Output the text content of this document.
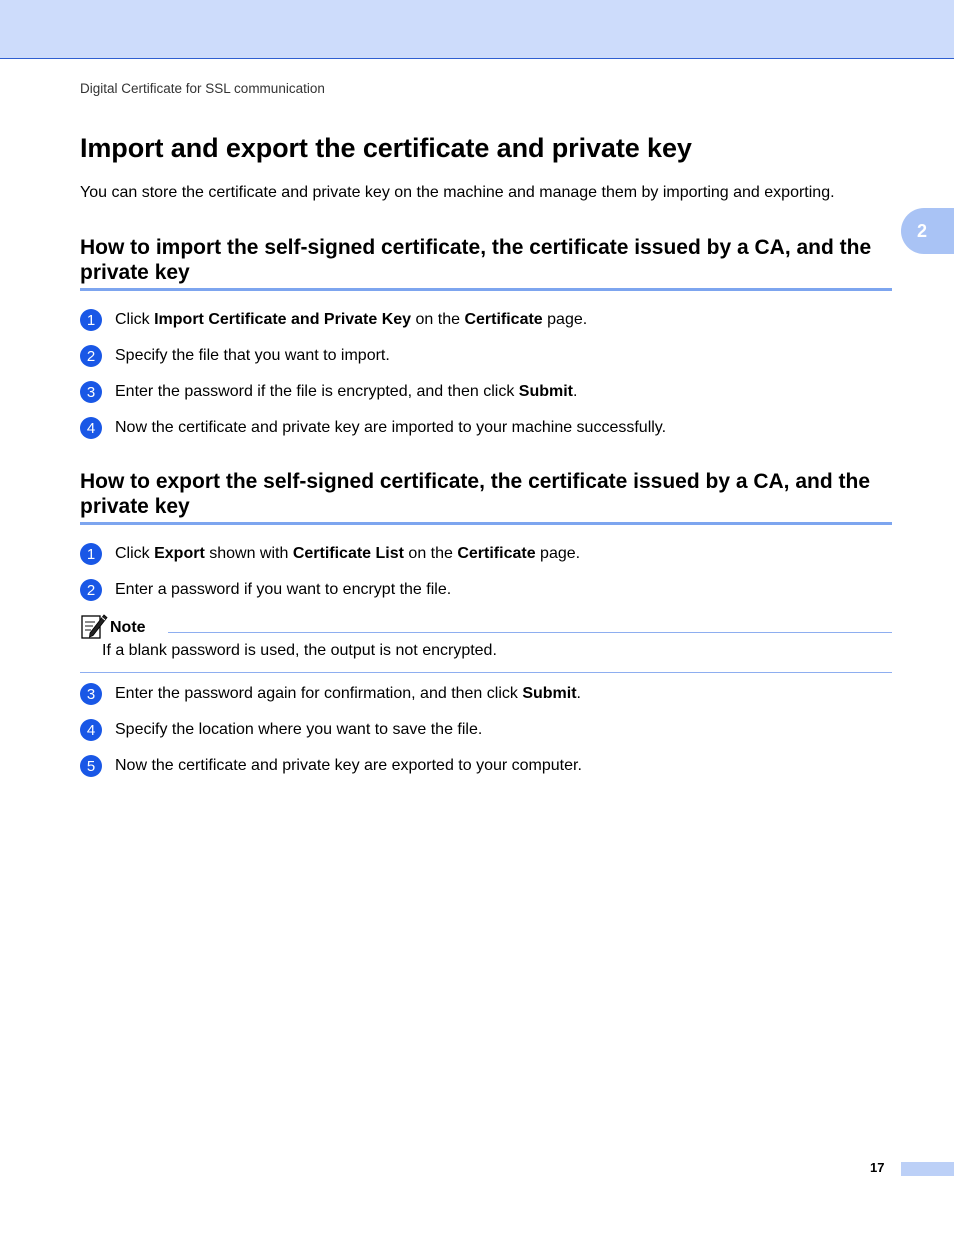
Digital Certificate for SSL communication
Import and export the certificate and private key
You can store the certificate and private key on the machine and manage them by importing and exporting.
2
How to import the self-signed certificate, the certificate issued by a CA, and the private key
1	Click Import Certificate and Private Key on the Certificate page.
2	Specify the file that you want to import.
3	Enter the password if the file is encrypted, and then click Submit.
4	Now the certificate and private key are imported to your machine successfully.
How to export the self-signed certificate, the certificate issued by a CA, and the private key
1	Click Export shown with Certificate List on the Certificate page.
2	Enter a password if you want to encrypt the file.
Note
If a blank password is used, the output is not encrypted.
3	Enter the password again for confirmation, and then click Submit.
4	Specify the location where you want to save the file.
5	Now the certificate and private key are exported to your computer.
17
